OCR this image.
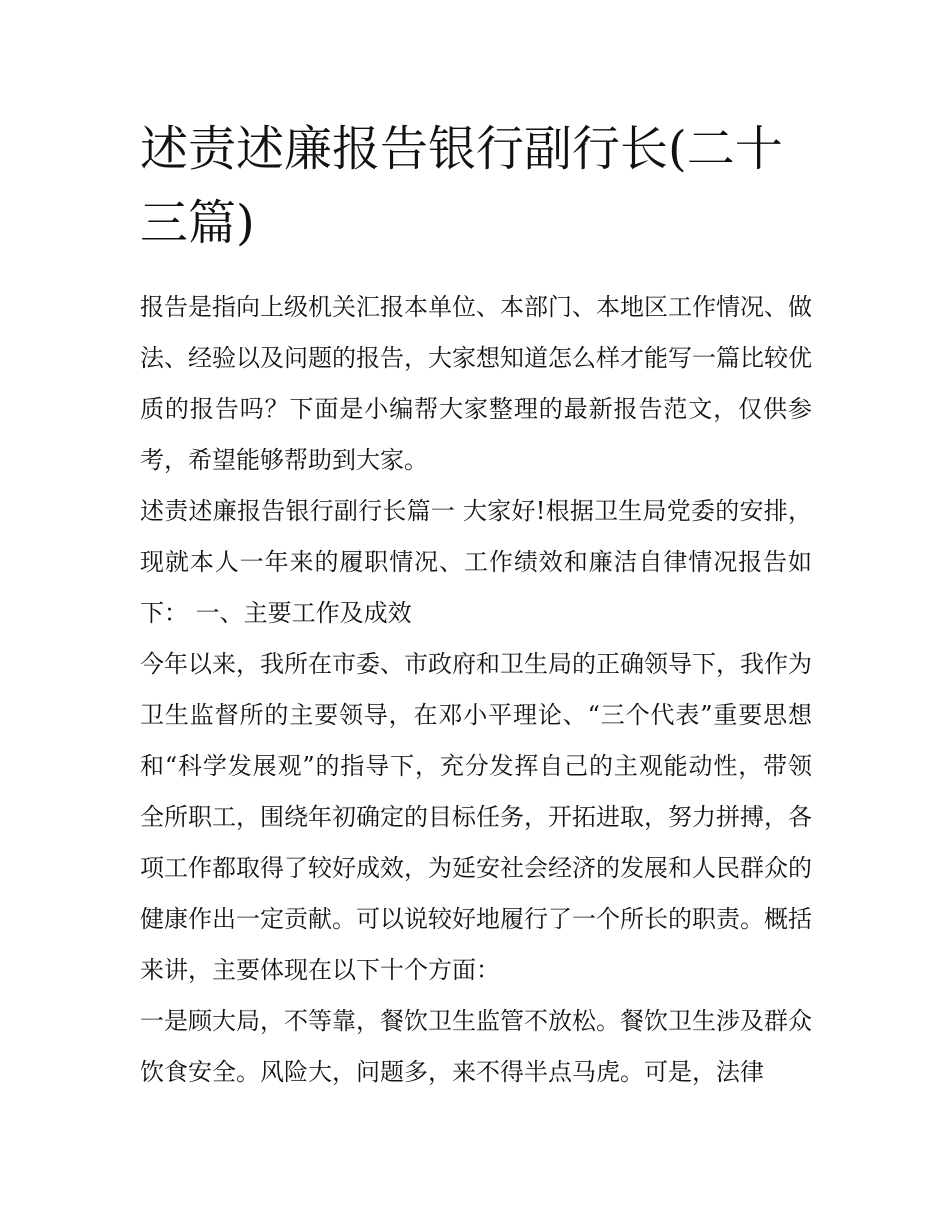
述责述廉报告银行副行长(二十三篇)

报告是指向上级机关汇报本单位、本部门、本地区工作情况、做法、经验以及问题的报告，大家想知道怎么样才能写一篇比较优质的报告吗？下面是小编帮大家整理的最新报告范文，仅供参考，希望能够帮助到大家。

述责述廉报告银行副行长篇一 大家好!根据卫生局党委的安排，现就本人一年来的履职情况、工作绩效和廉洁自律情况报告如下： 一、主要工作及成效

今年以来，我所在市委、市政府和卫生局的正确领导下，我作为卫生监督所的主要领导，在邓小平理论、“三个代表”重要思想和“科学发展观”的指导下，充分发挥自己的主观能动性，带领全所职工，围绕年初确定的目标任务，开拓进取，努力拼搏，各项工作都取得了较好成效，为延安社会经济的发展和人民群众的健康作出一定贡献。可以说较好地履行了一个所长的职责。概括来讲，主要体现在以下十个方面：

一是顾大局，不等靠，餐饮卫生监管不放松。餐饮卫生涉及群众饮食安全。风险大，问题多，来不得半点马虎。可是，法律
